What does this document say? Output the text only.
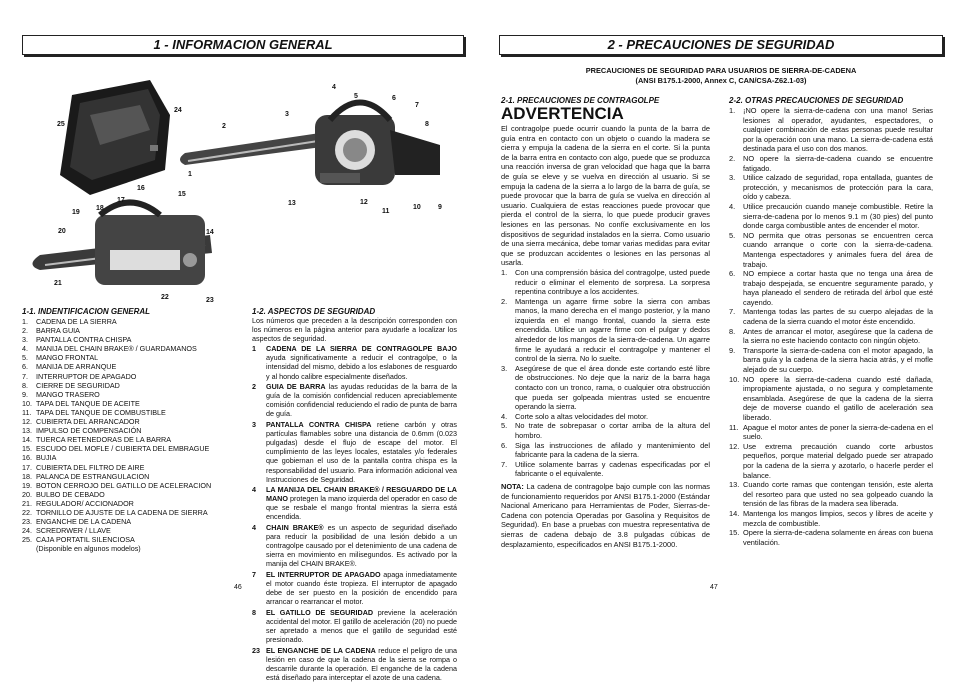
1 - INFORMACION GENERAL
25
24
2
1
3
4
5	6
7
8
9
10
11
12
13
16
17
18
19
15
20	14
21
22	23
1-1. INDENTIFICACION GENERAL
1.	CADENA DE LA SIERRA
2.	BARRA GUIA
3.	PANTALLA CONTRA CHISPA
4.	MANIJA DEL CHAIN BRAKE® / GUARDAMANOS
5.	MANGO FRONTAL
6.	MANIJA DE ARRANQUE
7.	INTERRUPTOR DE APAGADO
8.	CIERRE DE SEGURIDAD
9.	MANGO TRASERO
10. TAPA DEL TANQUE DE ACEITE
11. TAPA DEL TANQUE DE COMBUSTIBLE
12. CUBIERTA DEL ARRANCADOR
13. IMPULSO DE COMPENSACIÓN
14. TUERCA RETENEDORAS DE LA BARRA
15. ESCUDO DEL MOFLE / CUBIERTA DEL EMBRAGUE
16. BUJIA
17. CUBIERTA DEL FILTRO DE AIRE
18. PALANCA DE ESTRANGULACION
19. BOTON CERROJO DEL GATILLO DE ACELERACION
20. BULBO DE CEBADO
21. REGULADOR/ ACCIONADOR
22. TORNILLO DE AJUSTE DE LA CADENA DE SIERRA
23. ENGANCHE DE LA CADENA
24. SCREDRWER / LLAVE
25. CAJA PORTATIL SILENCIOSA
(Disponible en algunos modelos)
1-2. ASPECTOS DE SEGURIDAD
Los números que preceden a la descripción corresponden con los números en la página anterior para ayudarle a localizar los aspectos de seguridad.
1	CADENA DE LA SIERRA DE CONTRAGOLPE BAJO ayuda significativamente a reducir el contragolpe, o la intensidad del mismo, debido a los eslabones de resguardo y al hondo calibre especialmente diseñados.
2	GUIA DE BARRA las ayudas reducidas de la barra de la guía de la comisión confidencial reducen apreciablemente comisión confidencial reduciendo el radio de punta de barra de guía.
3	PANTALLA CONTRA CHISPA retiene carbón y otras partículas flamables sobre una distancia de 0.6mm (0.023 pulgadas) desde el flujo de escape del motor. El cumplimiento de las leyes locales, estatales y/o federales que gobiernan el uso de la pantalla contra chispa es la responsabilidad del usuario. Para información adicional vea Instrucciones de Seguridad.
4	LA MANIJA DEL CHAIN BRAKE® / RESGUARDO DE LA MANO protegen la mano izquierda del operador en caso de que se resbale el mango frontal mientras la sierra está encendida.
4	CHAIN BRAKE® es un aspecto de seguridad diseñado para reducir la posibilidad de una lesión debido a un contragolpe causado por el detenimiento de una cadena de sierra en movimiento en milisegundos. Es activado por la manija del CHAIN BRAKE®.
7	EL INTERRUPTOR DE APAGADO apaga inmediatamente el motor cuando éste tropieza. El interruptor de apagado debe de ser puesto en la posición de encendido para arrancar o rearrancar el motor.
8	EL GATILLO DE SEGURIDAD previene la aceleración accidental del motor. El gatillo de aceleración (20) no puede ser apretado a menos que el gatillo de seguridad esté presionado.
23 EL ENGANCHE DE LA CADENA reduce el peligro de una lesión en caso de que la cadena de la sierra se rompa o descarrile durante la operación. El enganche de la cadena está diseñado para interceptar el azote de una cadena.
46
2 - PRECAUCIONES DE SEGURIDAD
PRECAUCIONES DE SEGURIDAD PARA USUARIOS DE SIERRA-DE-CADENA
(ANSI B175.1-2000, Annex C, CAN/CSA-Z62.1-03)
2-1. PRECAUCIONES DE CONTRAGOLPE
ADVERTENCIA
El contragolpe puede ocurrir cuando la punta de la barra de guía entra en contacto con un objeto o cuando la madera se cierra y empuja la cadena de la sierra en el corte. Si la punta de la barra entra en contacto con algo, puede que se produzca una reacción inversa de gran velocidad que haga que la barra de guía se eleve y se vuelva en dirección al usuario. Si se empuja la cadena de la sierra a lo largo de la barra de guía, se puede provocar que la barra de guía se vuelva en dirección al usuario. Cualquiera de estas reacciones puede provocar que pierda el control de la sierra, lo que puede producir graves lesiones en las personas. No confíe exclusivamente en los dispositivos de seguridad instalados en la sierra. Como usuario de una sierra mecánica, debe tomar varias medidas para evitar que se produzcan accidentes o lesiones en las personas al usarla.
1.	Con una comprensión básica del contragolpe, usted puede reducir o eliminar el elemento de sorpresa. La sorpresa repentina contribuye a los accidentes.
2.	Mantenga un agarre firme sobre la sierra con ambas manos, la mano derecha en el mango posterior, y la mano izquierda en el mango frontal, cuando la sierra este encendida. Utilice un agarre firme con el pulgar y dedos alrededor de los mangos de la sierra-de-cadena. Un agarre firme le ayudará a reducir el contragolpe y mantener el control de la sierra. No lo suelte.
3.	Asegúrese de que el área donde este cortando esté libre de obstrucciones. No deje que la nariz de la barra haga contacto con un tronco, rama, o cualquier otra obstrucción que pueda ser golpeada mientras usted se encuentre operando la sierra.
4.	Corte solo a altas velocidades del motor.
5.	No trate de sobrepasar o cortar arriba de la altura del hombro.
6.	Siga las instrucciones de afilado y mantenimiento del fabricante para la cadena de la sierra.
7.	Utilice solamente barras y cadenas especificadas por el fabricante o el equivalente.
NOTA: La cadena de contragolpe bajo cumple con las normas de funcionamiento requeridos por ANSI B175.1-2000 (Estándar Nacional Americano para Herramientas de Poder, Sierras-de-Cadena con potencia Operadas por Gasolina y Requisitos de Seguridad). En base a pruebas con muestra representativa de sierras de cadena debajo de 3.8 pulgadas cúbicas de desplazamiento, especificados en ANSI B175.1-2000.
2-2. OTRAS PRECAUCIONES DE SEGURIDAD
1.	¡NO opere la sierra-de-cadena con una mano! Serias lesiones al operador, ayudantes, espectadores, o cualquier combinación de estas personas puede resultar por la operación con una mano. La sierra-de-cadena está destinada para el uso con dos manos.
2.	NO opere la sierra-de-cadena cuando se encuentre fatigado.
3.	Utilice calzado de seguridad, ropa entallada, guantes de protección, y mecanismos de protección para la cara, oído y cabeza.
4.	Utilice precaución cuando maneje combustible. Retire la sierra-de-cadena por lo menos 9.1 m (30 pies) del punto donde carga combustible antes de encender el motor.
5.	NO permita que otras personas se encuentren cerca cuando arranque o corte con la sierra-de-cadena. Mantenga espectadores y animales fuera del área de trabajo.
6.	NO empiece a cortar hasta que no tenga una área de trabajo despejada, se encuentre seguramente parado, y haya planeado el sendero de retirada del árbol que esté cayendo.
7.	Mantenga todas las partes de su cuerpo alejadas de la cadena de la sierra cuando el motor éste encendido.
8.	Antes de arrancar el motor, asegúrese que la cadena de la sierra no este haciendo contacto con ningún objeto.
9.	Transporte la sierra-de-cadena con el motor apagado, la barra guía y la cadena de la sierra hacia atrás, y el mofle alejado de su cuerpo.
10. NO opere la sierra-de-cadena cuando esté dañada, impropiamente ajustada, o no segura y completamente ensamblada. Asegúrese de que la cadena de la sierra deje de moverse cuando el gatillo de aceleración sea liberado.
11. Apague el motor antes de poner la sierra-de-cadena en el suelo.
12. Use extrema precaución cuando corte arbustos pequeños, porque material delgado puede ser atrapado por la cadena de la sierra y azotarlo, o hacerle perder el balance.
13. Cuando corte ramas que contengan tensión, este alerta del resorteo para que usted no sea golpeado cuando la tensión de las fibras de la madera sea liberada.
14. Mantenga los mangos limpios, secos y libres de aceite y mezcla de combustible.
15. Opere la sierra-de-cadena solamente en áreas con buena ventilación.
47
